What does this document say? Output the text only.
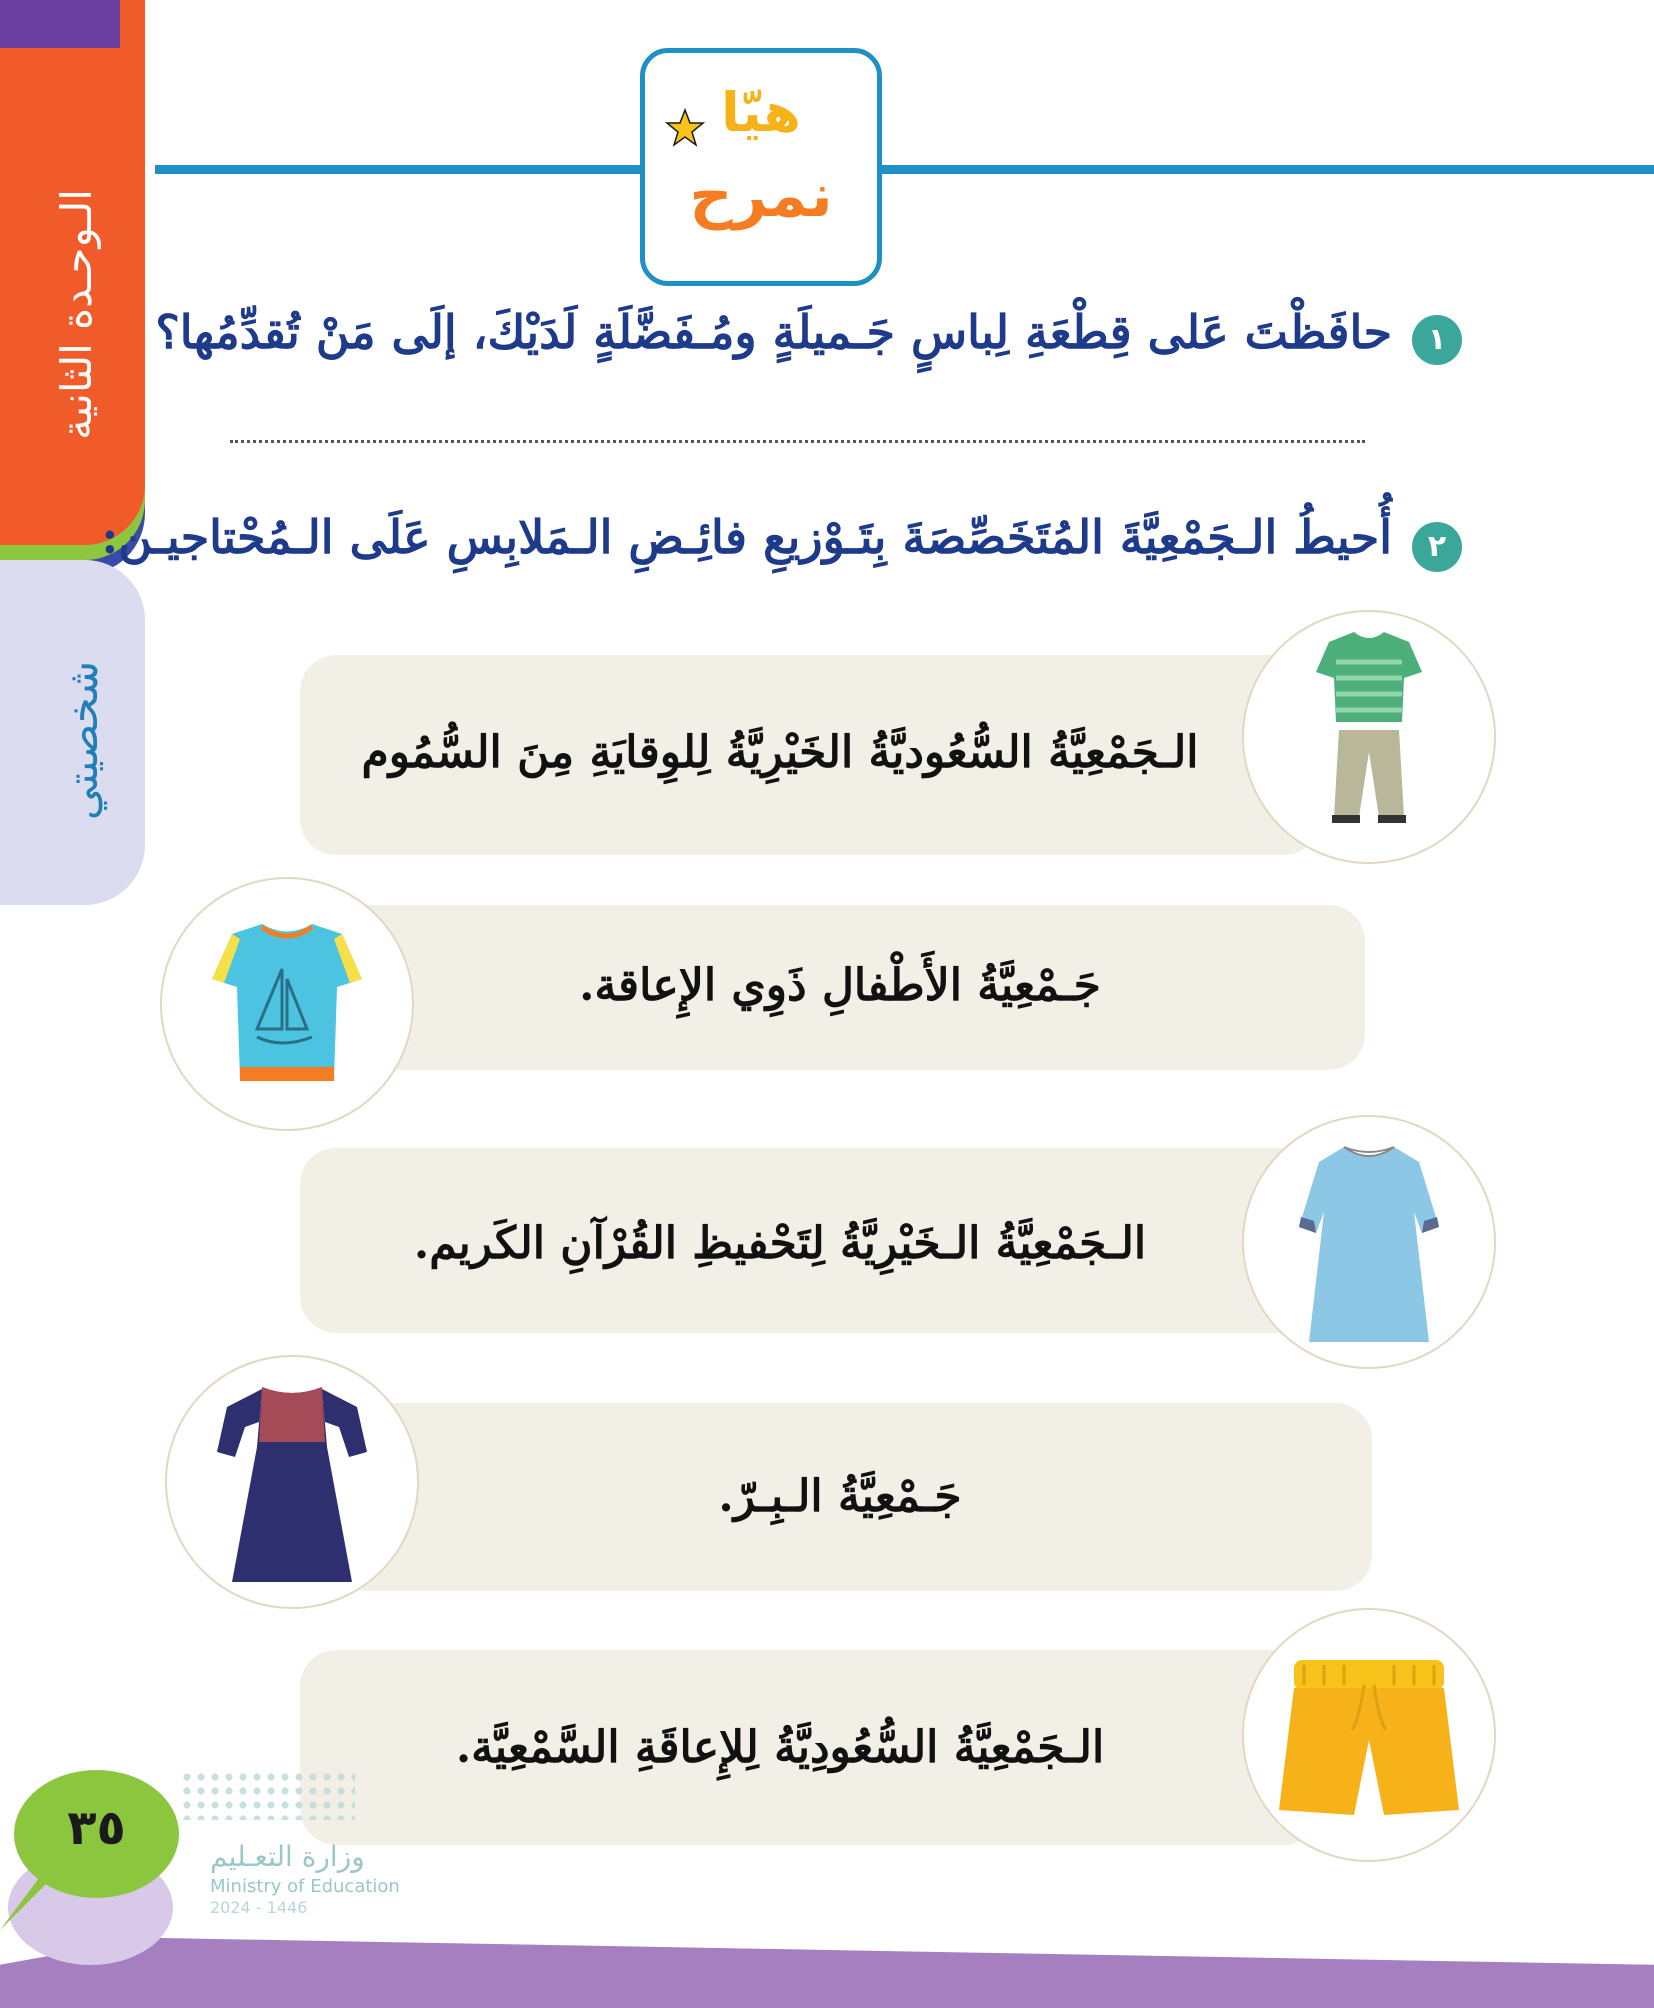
الـوحـدة الثانية
شخصيتي
هيّا
نمرح
١
حافَظْتَ عَلى قِطْعَةِ لِباسٍ جَـميلَةٍ ومُـفَضَّلَةٍ لَدَيْكَ، إلَى مَنْ تُقدِّمُها؟
٢
أُحيطُ الـجَمْعِيَّةَ المُتَخَصِّصَةَ بِتَـوْزيعِ فائِـضِ الـمَلابِسِ عَلَى الـمُحْتاجيـن:
الـجَمْعِيَّةُ السُّعُوديَّةُ الخَيْرِيَّةُ لِلوِقايَةِ مِنَ السُّمُوم
جَـمْعِيَّةُ الأَطْفالِ ذَوِي الإِعاقة.
الـجَمْعِيَّةُ الـخَيْرِيَّةُ لِتَحْفيظِ القُرْآنِ الكَريم.
جَـمْعِيَّةُ الـبِـرّ.
الـجَمْعِيَّةُ السُّعُودِيَّةُ لِلإِعاقَةِ السَّمْعِيَّة.
٣٥
وزارة التعـليم
Ministry of Education
2024 - 1446
